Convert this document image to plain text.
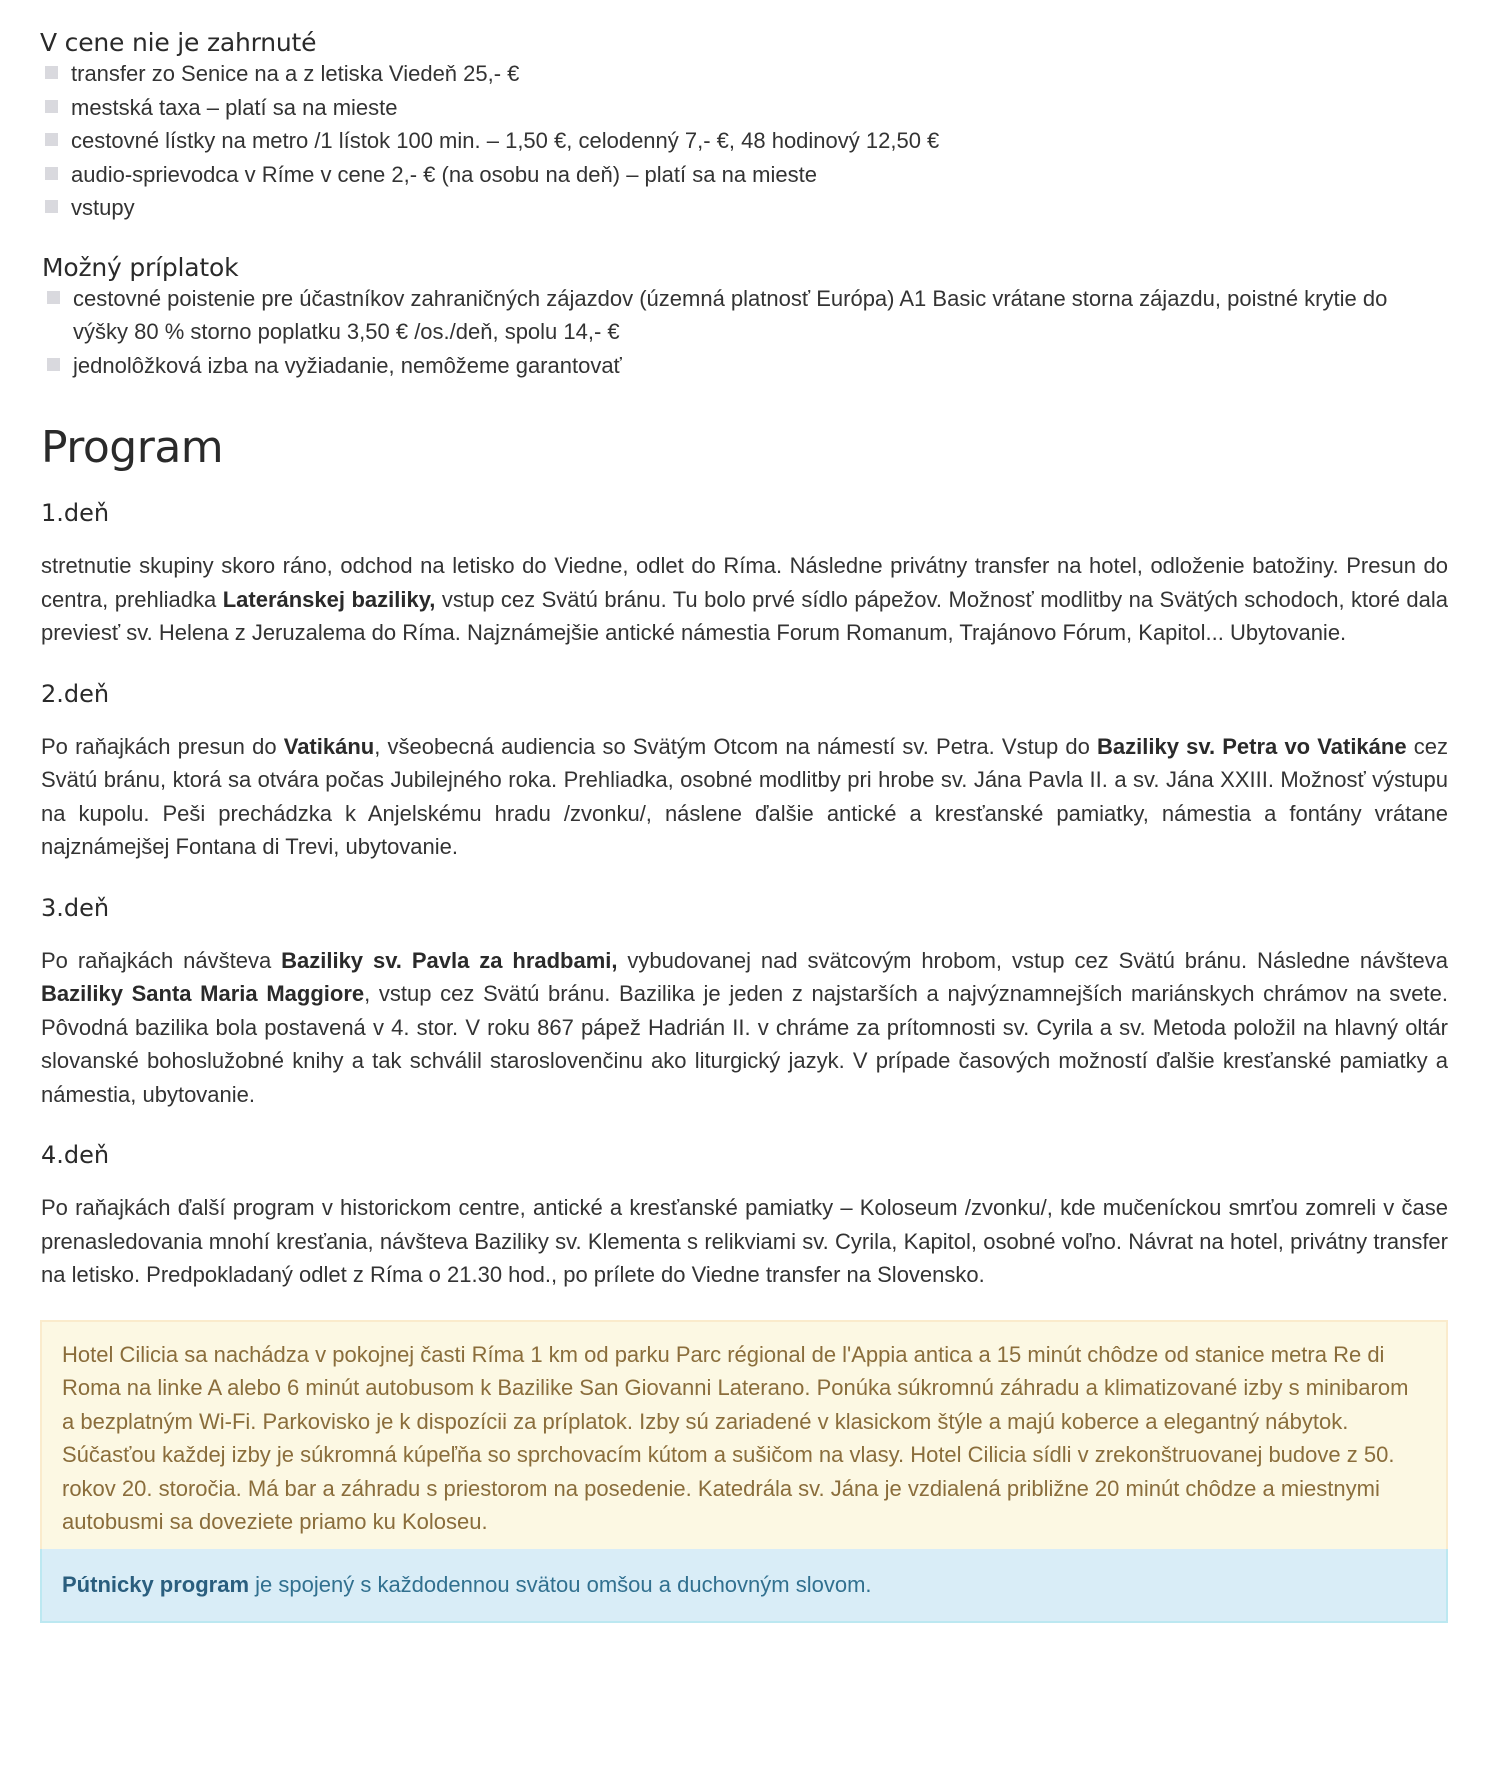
V cene nie je zahrnuté
transfer zo Senice na a z letiska Viedeň 25,- €
mestská taxa – platí sa na mieste
cestovné lístky na metro /1 lístok 100 min. – 1,50 €, celodenný 7,- €, 48 hodinový 12,50 €
audio-sprievodca v Ríme v cene 2,- € (na osobu na deň) – platí sa na mieste
vstupy
Možný príplatok
cestovné poistenie pre účastníkov zahraničných zájazdov (územná platnosť Európa) A1 Basic vrátane storna zájazdu, poistné krytie do výšky 80 % storno poplatku 3,50 € /os./deň, spolu 14,- €
jednolôžková izba na vyžiadanie, nemôžeme garantovať
Program
1.deň

stretnutie skupiny skoro ráno, odchod na letisko do Viedne, odlet do Ríma. Následne privátny transfer na hotel, odloženie batožiny. Presun do centra, prehliadka Lateránskej baziliky, vstup cez Svätú bránu. Tu bolo prvé sídlo pápežov. Možnosť modlitby na Svätých schodoch, ktoré dala previesť sv. Helena z Jeruzalema do Ríma. Najznámejšie antické námestia Forum Romanum, Trajánovo Fórum, Kapitol... Ubytovanie.

2.deň

Po raňajkách presun do Vatikánu, všeobecná audiencia so Svätým Otcom na námestí sv. Petra. Vstup do Baziliky sv. Petra vo Vatikáne cez Svätú bránu, ktorá sa otvára počas Jubilejného roka. Prehliadka, osobné modlitby pri hrobe sv. Jána Pavla II. a sv. Jána XXIII. Možnosť výstupu na kupolu. Peši prechádzka k Anjelskému hradu /zvonku/, náslene ďalšie antické a kresťanské pamiatky, námestia a fontány vrátane najznámejšej Fontana di Trevi, ubytovanie.

3.deň

Po raňajkách návšteva Baziliky sv. Pavla za hradbami, vybudovanej nad svätcovým hrobom, vstup cez Svätú bránu. Následne návšteva Baziliky Santa Maria Maggiore, vstup cez Svätú bránu. Bazilika je jeden z najstarších a najvýznamnejších mariánskych chrámov na svete. Pôvodná bazilika bola postavená v 4. stor. V roku 867 pápež Hadrián II. v chráme za prítomnosti sv. Cyrila a sv. Metoda položil na hlavný oltár slovanské bohoslužobné knihy a tak schválil staroslovenčinu ako liturgický jazyk. V prípade časových možností ďalšie kresťanské pamiatky a námestia, ubytovanie.

4.deň

Po raňajkách ďalší program v historickom centre, antické a kresťanské pamiatky – Koloseum /zvonku/, kde mučeníckou smrťou zomreli v čase prenasledovania mnohí kresťania, návšteva Baziliky sv. Klementa s relikviami sv. Cyrila, Kapitol, osobné voľno. Návrat na hotel, privátny transfer na letisko. Predpokladaný odlet z Ríma o 21.30 hod., po prílete do Viedne transfer na Slovensko.

Hotel Cilicia sa nachádza v pokojnej časti Ríma 1 km od parku Parc régional de l'Appia antica a 15 minút chôdze od stanice metra Re di Roma na linke A alebo 6 minút autobusom k Bazilike San Giovanni Laterano. Ponúka súkromnú záhradu a klimatizované izby s minibarom a bezplatným Wi-Fi. Parkovisko je k dispozícii za príplatok. Izby sú zariadené v klasickom štýle a majú koberce a elegantný nábytok. Súčasťou každej izby je súkromná kúpeľňa so sprchovacím kútom a sušičom na vlasy. Hotel Cilicia sídli v zrekonštruovanej budove z 50. rokov 20. storočia. Má bar a záhradu s priestorom na posedenie. Katedrála sv. Jána je vzdialená približne 20 minút chôdze a miestnymi autobusmi sa doveziete priamo ku Koloseu.
Pútnicky program je spojený s každodennou svätou omšou a duchovným slovom.
